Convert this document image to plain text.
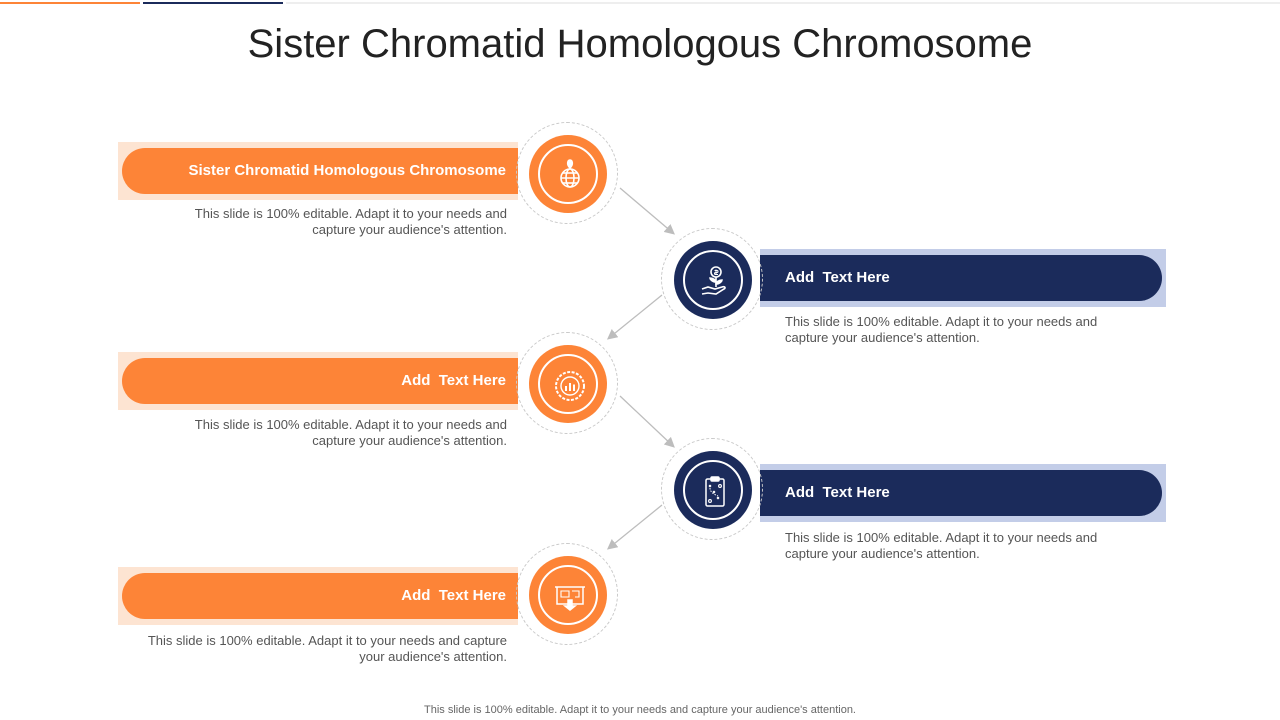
Sister Chromatid Homologous Chromosome
Sister Chromatid Homologous Chromosome
This slide is 100% editable. Adapt it to your needs and
capture your audience's attention.
Add  Text Here
This slide is 100% editable. Adapt it to your needs and
capture your audience's attention.
Add  Text Here
This slide is 100% editable. Adapt it to your needs and
capture your audience's attention.
Add  Text Here
This slide is 100% editable. Adapt it to your needs and
capture your audience's attention.
Add  Text Here
This slide is 100% editable. Adapt it to your needs and capture
your audience's attention.
This slide is 100% editable. Adapt it to your needs and capture your audience's attention.
